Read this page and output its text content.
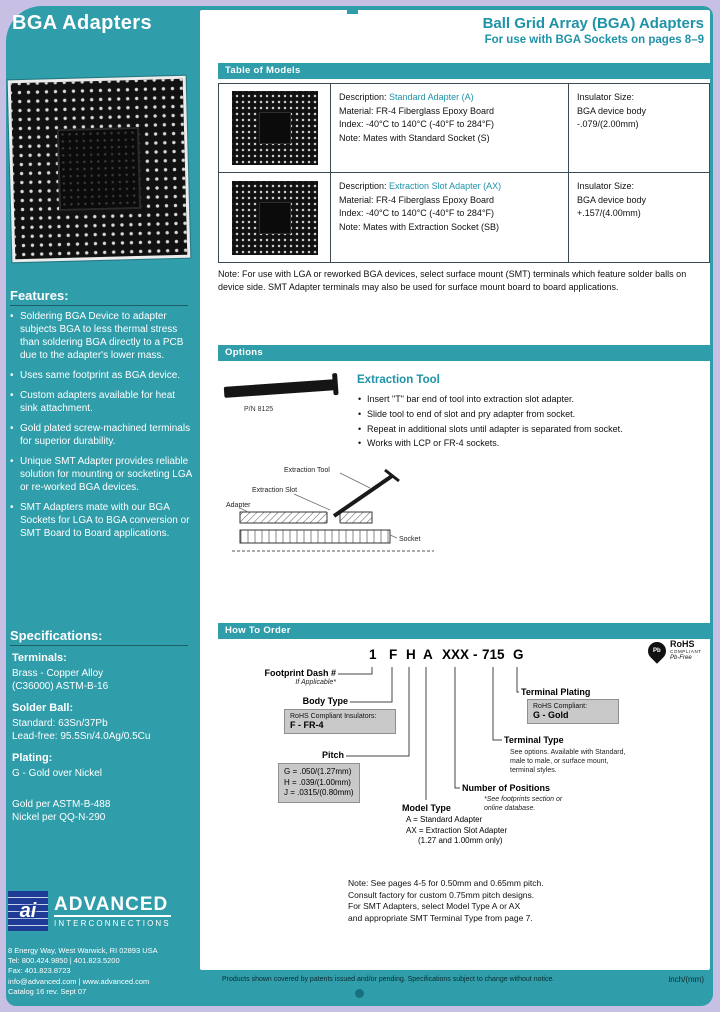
BGA Adapters	Ball Grid Array (BGA) Adapters
For use with BGA Sockets on pages 8–9
Features:
• Soldering BGA Device to adapter subjects BGA to less thermal stress than soldering BGA directly to a PCB due to the adapter's lower mass.
• Uses same footprint as BGA device.
• Custom adapters available for heat sink attachment.
• Gold plated screw-machined terminals for superior durability.
• Unique SMT Adapter provides reliable solution for mounting or socketing LGA or re-worked BGA devices.
• SMT Adapters mate with our BGA Sockets for LGA to BGA conversion or SMT Board to Board applications.
Specifications:
Terminals:
Brass - Copper Alloy
(C36000) ASTM-B-16
Solder Ball:
Standard: 63Sn/37Pb
Lead-free: 95.5Sn/4.0Ag/0.5Cu
Plating:
G - Gold over Nickel
Gold per ASTM-B-488
Nickel per QQ-N-290
ai ADVANCED
INTERCONNECTIONS
8 Energy Way, West Warwick, RI 02893 USA
Tel: 800.424.9850 | 401.823.5200
Fax: 401.823.8723
info@advanced.com | www.advanced.com
Catalog 16 rev. Sept 07
Table of Models
Description: Standard Adapter (A)
Material: FR-4 Fiberglass Epoxy Board
Index: -40°C to 140°C (-40°F to 284°F)
Note: Mates with Standard Socket (S)
Insulator Size:
BGA device body
-.079/(2.00mm)
Description: Extraction Slot Adapter (AX)
Material: FR-4 Fiberglass Epoxy Board
Index: -40°C to 140°C (-40°F to 284°F)
Note: Mates with Extraction Socket (SB)
Insulator Size:
BGA device body
+.157/(4.00mm)
Note: For use with LGA or reworked BGA devices, select surface mount (SMT) terminals which feature solder balls on device side. SMT Adapter terminals may also be used for surface mount board to board applications.
Options
P/N 8125
Extraction Tool
• Insert "T" bar end of tool into extraction slot adapter.
• Slide tool to end of slot and pry adapter from socket.
• Repeat in additional slots until adapter is separated from socket.
• Works with LCP or FR-4 sockets.
Extraction Tool
Adapter
Extraction Slot
Socket
How To Order
Pb
RoHS
COMPLIANT
Pb-Free
1 F H A XXX - 715 G
Footprint Dash #
If Applicable*
Body Type
RoHS Compliant Insulators:
F - FR-4
Pitch
G = .050/(1.27mm)
H = .039/(1.00mm)
J = .0315/(0.80mm)
Model Type
A = Standard Adapter
AX = Extraction Slot Adapter
(1.27 and 1.00mm only)
Terminal Plating
RoHS Compliant:
G - Gold
Terminal Type
See options. Available with Standard,
male to male, or surface mount,
terminal styles.
Number of Positions
*See footprints section or
online database.
Note: See pages 4-5 for 0.50mm and 0.65mm pitch.
Consult factory for custom 0.75mm pitch designs.
For SMT Adapters, select Model Type A or AX
and appropriate SMT Terminal Type from page 7.
Products shown covered by patents issued and/or pending. Specifications subject to change without notice.	inch/(mm)
